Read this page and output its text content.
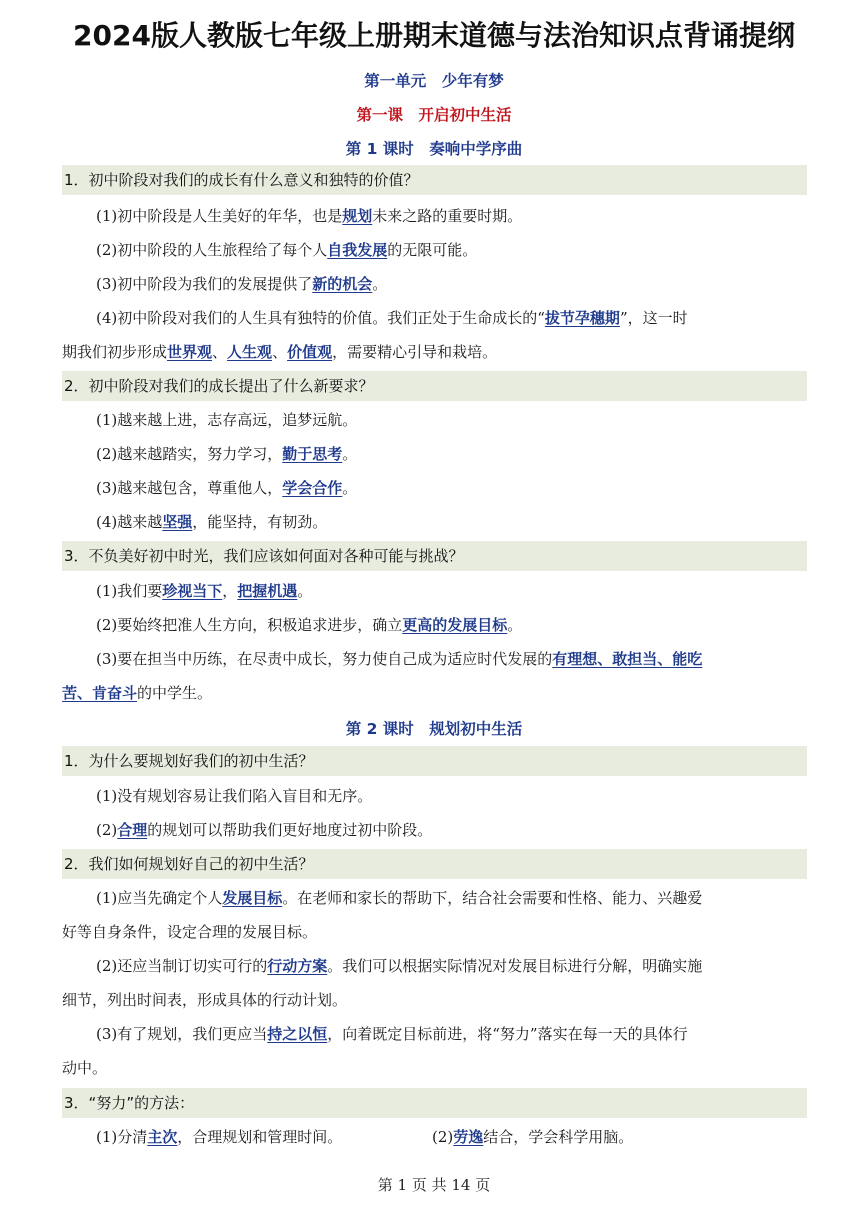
2024版人教版七年级上册期末道德与法治知识点背诵提纲
第一单元　少年有梦
第一课　开启初中生活
第 1 课时　奏响中学序曲
1．初中阶段对我们的成长有什么意义和独特的价值？
(1)初中阶段是人生美好的年华，也是规划未来之路的重要时期。
(2)初中阶段的人生旅程给了每个人自我发展的无限可能。
(3)初中阶段为我们的发展提供了新的机会。
(4)初中阶段对我们的人生具有独特的价值。我们正处于生命成长的“拔节孕穗期”，这一时
期我们初步形成世界观、人生观、价值观，需要精心引导和栽培。
2．初中阶段对我们的成长提出了什么新要求？
(1)越来越上进，志存高远，追梦远航。
(2)越来越踏实，努力学习，勤于思考。
(3)越来越包含，尊重他人，学会合作。
(4)越来越坚强，能坚持，有韧劲。
3．不负美好初中时光，我们应该如何面对各种可能与挑战？
(1)我们要珍视当下，把握机遇。
(2)要始终把准人生方向，积极追求进步，确立更高的发展目标。
(3)要在担当中历练，在尽责中成长，努力使自己成为适应时代发展的有理想、敢担当、能吃
苦、肯奋斗的中学生。
第 2 课时　规划初中生活
1．为什么要规划好我们的初中生活？
(1)没有规划容易让我们陷入盲目和无序。
(2)合理的规划可以帮助我们更好地度过初中阶段。
2．我们如何规划好自己的初中生活？
(1)应当先确定个人发展目标。在老师和家长的帮助下，结合社会需要和性格、能力、兴趣爱
好等自身条件，设定合理的发展目标。
(2)还应当制订切实可行的行动方案。我们可以根据实际情况对发展目标进行分解，明确实施
细节，列出时间表，形成具体的行动计划。
(3)有了规划，我们更应当持之以恒，向着既定目标前进，将“努力”落实在每一天的具体行
动中。
3．“努力”的方法：
(1)分清主次，合理规划和管理时间。	(2)劳逸结合，学会科学用脑。
第 1 页 共 14 页
